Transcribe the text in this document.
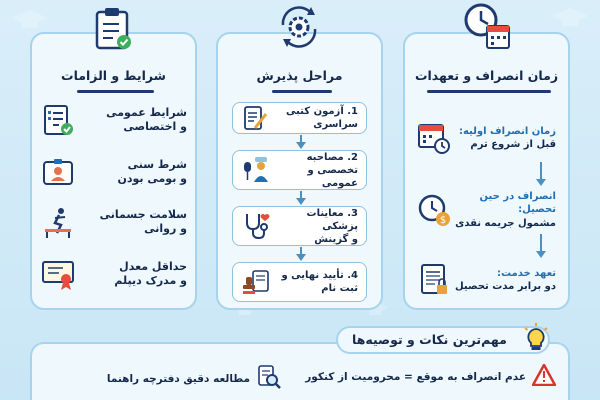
شرایط و الزامات
شرایط عمومی
و اختصاصی
شرط سنی
و بومی بودن
سلامت جسمانی
و روانی
حداقل معدل
و مدرک دیپلم
مراحل پذیرش
1. آزمون کتبی سراسری
2. مصاحبه
تخصصی و عمومی
3. معاینات پزشکی
و گزینش
4. تأیید نهایی و
ثبت نام
زمان انصراف و تعهدات
زمان انصراف اولیه:
قبل از شروع ترم
انصراف در حین تحصیل:
مشمول جریمه نقدی
$
تعهد خدمت:
دو برابر مدت تحصیل
مهم‌ترین نکات و توصیه‌ها
عدم انصراف به موقع = محرومیت از کنکور
مطالعه دقیق دفترچه راهنما
